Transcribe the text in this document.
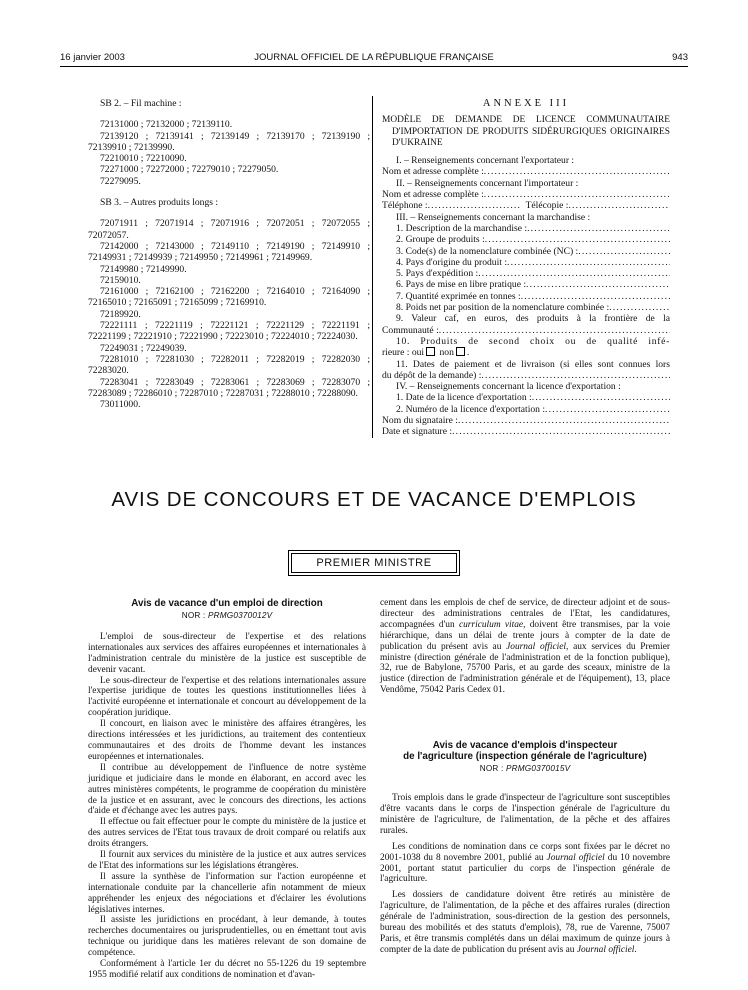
16 janvier 2003	JOURNAL OFFICIEL DE LA RÉPUBLIQUE FRANÇAISE	943

SB 2. – Fil machine :

72131000 ; 72132000 ; 72139110.
72139120 ; 72139141 ; 72139149 ; 72139170 ; 72139190 ;
72139910 ; 72139990.
72210010 ; 72210090.
72271000 ; 72272000 ; 72279010 ; 72279050.
72279095.

SB 3. – Autres produits longs :

72071911 ; 72071914 ; 72071916 ; 72072051 ; 72072055 ;
72072057.
72142000 ; 72143000 ; 72149110 ; 72149190 ; 72149910 ;
72149931 ; 72149939 ; 72149950 ; 72149961 ; 72149969.
72149980 ; 72149990.
72159010.
72161000 ; 72162100 ; 72162200 ; 72164010 ; 72164090 ;
72165010 ; 72165091 ; 72165099 ; 72169910.
72189920.
72221111 ; 72221119 ; 72221121 ; 72221129 ; 72221191 ;
72221199 ; 72221910 ; 72221990 ; 72223010 ; 72224010 ; 72224030.
72249031 ; 72249039.
72281010 ; 72281030 ; 72282011 ; 72282019 ; 72282030 ;
72283020.
72283041 ; 72283049 ; 72283061 ; 72283069 ; 72283070 ;
72283089 ; 72286010 ; 72287010 ; 72287031 ; 72288010 ; 72288090.
73011000.

ANNEXE III

MODÈLE DE DEMANDE DE LICENCE COMMUNAUTAIRE D'IMPORTATION DE PRODUITS SIDÉRURGIQUES ORIGINAIRES D'UKRAINE

I. – Renseignements concernant l'exportateur :

Nom et adresse complète :
.....

II. – Renseignements concernant l'importateur :

Nom et adresse complète :
.....
Téléphone :
.....	Télécopie :
.....

III. – Renseignements concernant la marchandise :

1. Description de la marchandise :
.....
2. Groupe de produits :
.....
3. Code(s) de la nomenclature combinée (NC) :
.....
4. Pays d'origine du produit :
.....
5. Pays d'expédition :
.....
6. Pays de mise en libre pratique :
.....
7. Quantité exprimée en tonnes :
.....
8. Poids net par position de la nomenclature combinée :
.....
9. Valeur caf, en euros, des produits à la frontière de la
Communauté :
.....
10. Produits de second choix ou de qualité infé-
rieure : oui non .
11. Dates de paiement et de livraison (si elles sont connues lors
du dépôt de la demande) :
.....

IV. – Renseignements concernant la licence d'exportation :

1. Date de la licence d'exportation :
.....
2. Numéro de la licence d'exportation :
.....
Nom du signataire :
.....
Date et signature :
.....
AVIS DE CONCOURS ET DE VACANCE D'EMPLOIS
PREMIER MINISTRE

Avis de vacance d'un emploi de direction

NOR : PRMG0370012V

L'emploi de sous-directeur de l'expertise et des relations internationales aux services des affaires européennes et internationales à l'administration centrale du ministère de la justice est susceptible de devenir vacant.

Le sous-directeur de l'expertise et des relations internationales assure l'expertise juridique de toutes les questions institutionnelles liées à l'activité européenne et internationale et concourt au développement de la coopération juridique.

Il concourt, en liaison avec le ministère des affaires étrangères, les directions intéressées et les juridictions, au traitement des contentieux communautaires et des droits de l'homme devant les instances européennes et internationales.

Il contribue au développement de l'influence de notre système juridique et judiciaire dans le monde en élaborant, en accord avec les autres ministères compétents, le programme de coopération du ministère de la justice et en assurant, avec le concours des directions, les actions d'aide et d'échange avec les autres pays.

Il effectue ou fait effectuer pour le compte du ministère de la justice et des autres services de l'Etat tous travaux de droit comparé ou relatifs aux droits étrangers.

Il fournit aux services du ministère de la justice et aux autres services de l'Etat des informations sur les législations étrangères.

Il assure la synthèse de l'information sur l'action européenne et internationale conduite par la chancellerie afin notamment de mieux appréhender les enjeux des négociations et d'éclairer les évolutions législatives internes.

Il assiste les juridictions en procédant, à leur demande, à toutes recherches documentaires ou jurisprudentielles, ou en émettant tout avis technique ou juridique dans les matières relevant de son domaine de compétence.

Conformément à l'article 1er du décret no 55-1226 du 19 septembre 1955 modifié relatif aux conditions de nomination et d'avan-

cement dans les emplois de chef de service, de directeur adjoint et de sous-directeur des administrations centrales de l'Etat, les candidatures, accompagnées d'un curriculum vitae, doivent être transmises, par la voie hiérarchique, dans un délai de trente jours à compter de la date de publication du présent avis au Journal officiel, aux services du Premier ministre (direction générale de l'administration et de la fonction publique), 32, rue de Babylone, 75700 Paris, et au garde des sceaux, ministre de la justice (direction de l'administration générale et de l'équipement), 13, place Vendôme, 75042 Paris Cedex 01.

Avis de vacance d'emplois d'inspecteur

de l'agriculture (inspection générale de l'agriculture)

NOR : PRMG0370015V

Trois emplois dans le grade d'inspecteur de l'agriculture sont susceptibles d'être vacants dans le corps de l'inspection générale de l'agriculture du ministère de l'agriculture, de l'alimentation, de la pêche et des affaires rurales.

Les conditions de nomination dans ce corps sont fixées par le décret no 2001-1038 du 8 novembre 2001, publié au Journal officiel du 10 novembre 2001, portant statut particulier du corps de l'inspection générale de l'agriculture.

Les dossiers de candidature doivent être retirés au ministère de l'agriculture, de l'alimentation, de la pêche et des affaires rurales (direction générale de l'administration, sous-direction de la gestion des personnels, bureau des mobilités et des statuts d'emplois), 78, rue de Varenne, 75007 Paris, et être transmis complétés dans un délai maximum de quinze jours à compter de la date de publication du présent avis au Journal officiel.
